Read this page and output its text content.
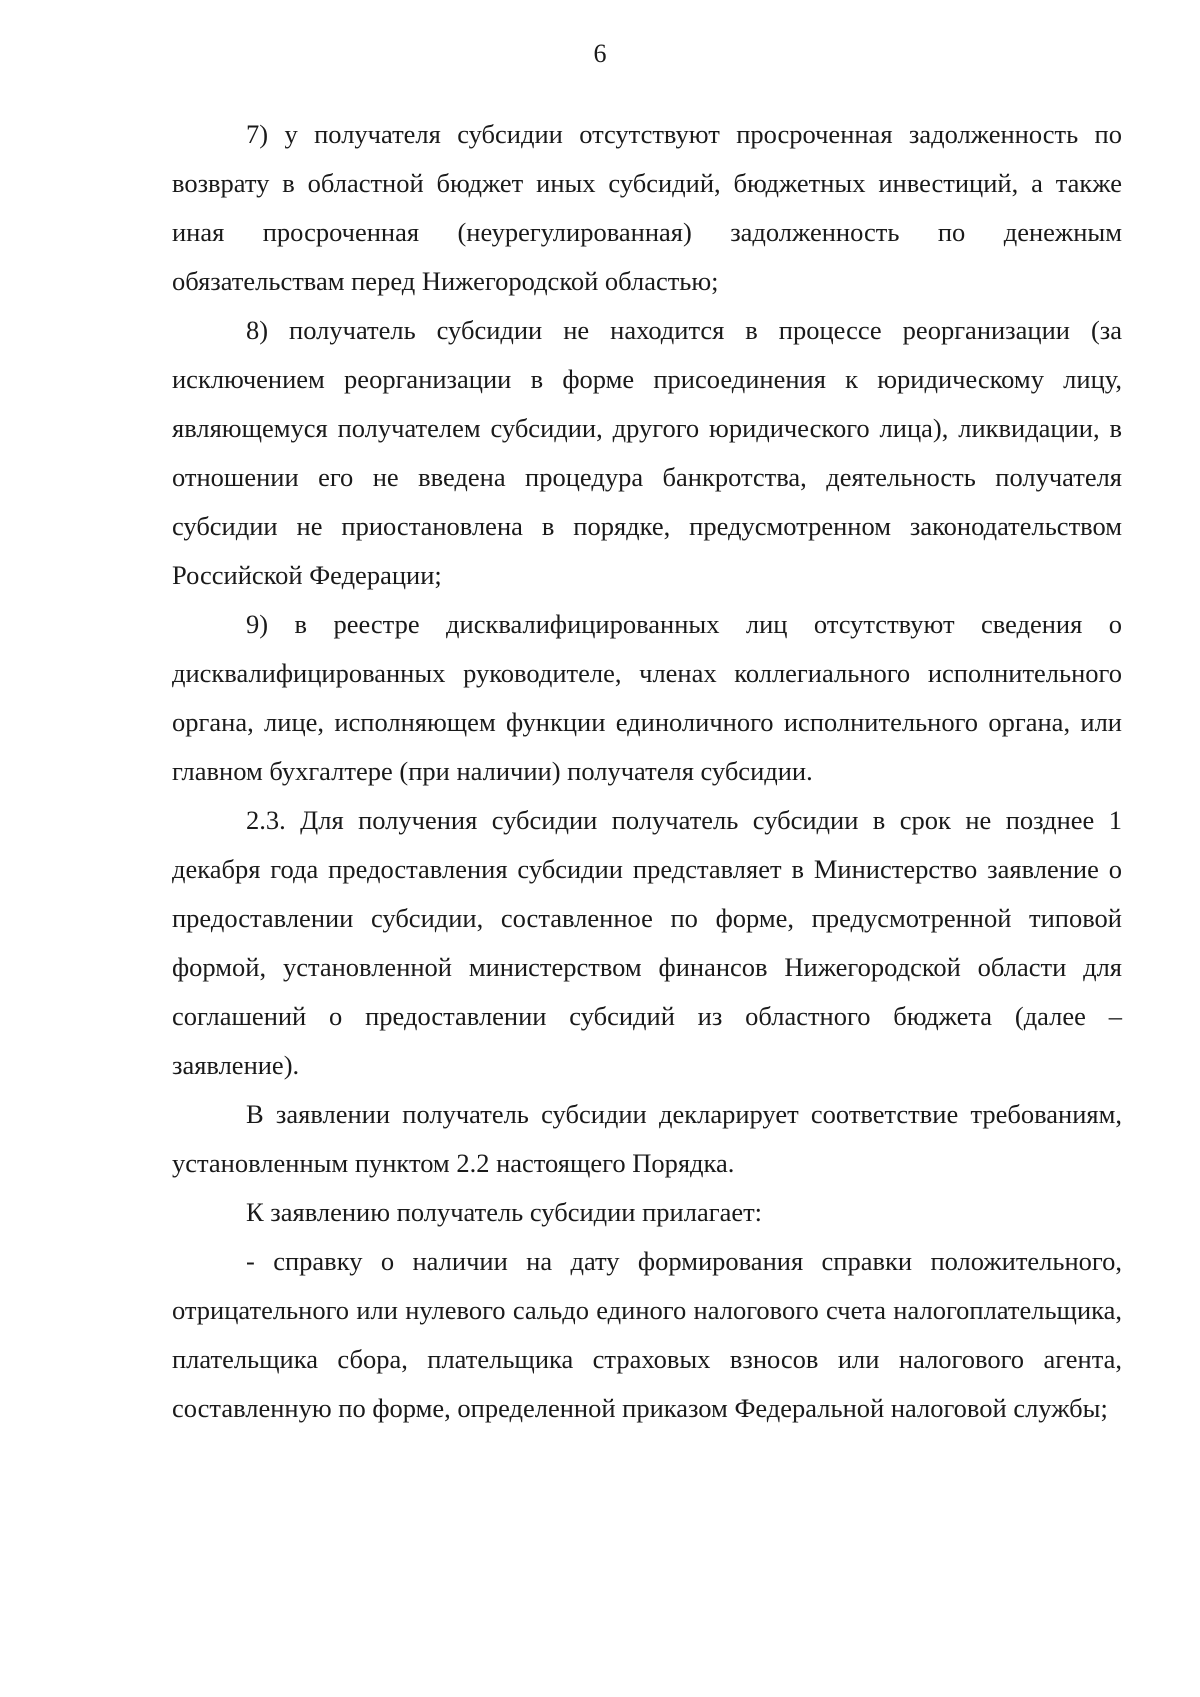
6

7) у получателя субсидии отсутствуют просроченная задолженность по возврату в областной бюджет иных субсидий, бюджетных инвестиций, а также иная просроченная (неурегулированная) задолженность по денежным обязательствам перед Нижегородской областью;

8) получатель субсидии не находится в процессе реорганизации (за исключением реорганизации в форме присоединения к юридическому лицу, являющемуся получателем субсидии, другого юридического лица), ликвидации, в отношении его не введена процедура банкротства, деятельность получателя субсидии не приостановлена в порядке, предусмотренном законодательством Российской Федерации;

9) в реестре дисквалифицированных лиц отсутствуют сведения о дисквалифицированных руководителе, членах коллегиального исполнительного органа, лице, исполняющем функции единоличного исполнительного органа, или главном бухгалтере (при наличии) получателя субсидии.

2.3. Для получения субсидии получатель субсидии в срок не позднее 1 декабря года предоставления субсидии представляет в Министерство заявление о предоставлении субсидии, составленное по форме, предусмотренной типовой формой, установленной министерством финансов Нижегородской области для соглашений о предоставлении субсидий из областного бюджета (далее – заявление).

В заявлении получатель субсидии декларирует соответствие требованиям, установленным пунктом 2.2 настоящего Порядка.

К заявлению получатель субсидии прилагает:

- справку о наличии на дату формирования справки положительного, отрицательного или нулевого сальдо единого налогового счета налогоплательщика, плательщика сбора, плательщика страховых взносов или налогового агента, составленную по форме, определенной приказом Федеральной налоговой службы;
